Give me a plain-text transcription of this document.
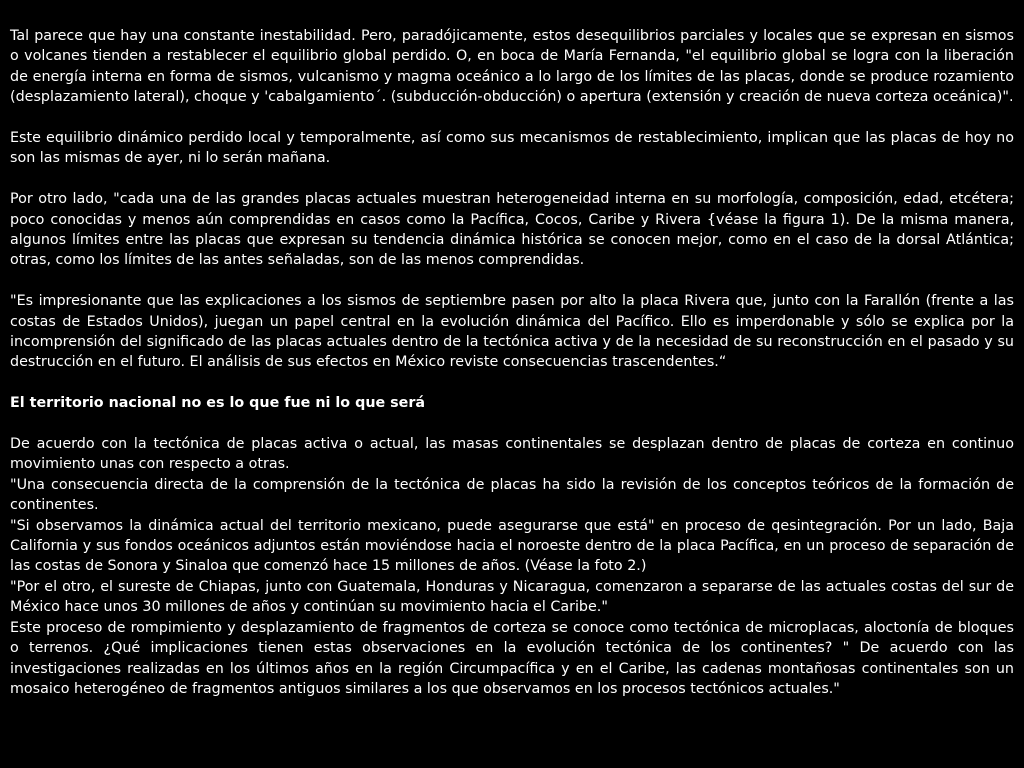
Tal parece que hay una constante inestabilidad. Pero, paradójicamente, estos desequilibrios parciales y locales que se expresan en sismos o volcanes tienden a restablecer el equilibrio global perdido. O, en boca de María Fernanda, "el equilibrio global se logra con la liberación de energía interna en forma de sismos, vulcanismo y magma oceánico a lo largo de los límites de las placas, donde se produce rozamiento (desplazamiento lateral), choque y 'cabalgamiento´. (subducción-obducción) o apertura (extensión y creación de nueva corteza oceánica)".

Este equilibrio dinámico perdido local y temporalmente, así como sus mecanismos de restablecimiento, implican que las placas de hoy no son las mismas de ayer, ni lo serán mañana.

Por otro lado, "cada una de las grandes placas actuales muestran heterogeneidad interna en su morfología, composición, edad, etcétera; poco conocidas y menos aún comprendidas en casos como la Pacífica, Cocos, Caribe y Rivera {véase la figura 1). De la misma manera, algunos límites entre las placas que expresan su tendencia dinámica histórica se conocen mejor, como en el caso de la dorsal Atlántica; otras, como los límites de las antes señaladas, son de las menos comprendidas.

"Es impresionante que las explicaciones a los sismos de septiembre pasen por alto la placa Rivera que, junto con la Farallón (frente a las costas de Estados Unidos), juegan un papel central en la evolución dinámica del Pacífico. Ello es imperdonable y sólo se explica por la incomprensión del significado de las placas actuales dentro de la tectónica activa y de la necesidad de su reconstrucción en el pasado y su destrucción en el futuro. El análisis de sus efectos en México reviste consecuencias trascendentes.“

El territorio nacional no es lo que fue ni lo que será

De acuerdo con la tectónica de placas activa o actual, las masas continentales se desplazan dentro de placas de corteza en continuo movimiento unas con respecto a otras.

"Una consecuencia directa de la comprensión de la tectónica de placas ha sido la revisión de los conceptos teóricos de la formación de continentes.

"Si observamos la dinámica actual del territorio mexicano, puede asegurarse que está" en proceso de qesintegración. Por un lado, Baja California y sus fondos oceánicos adjuntos están moviéndose hacia el noroeste dentro de la placa Pacífica, en un proceso de separación de las costas de Sonora y Sinaloa que comenzó hace 15 millones de años. (Véase la foto 2.)

"Por el otro, el sureste de Chiapas, junto con Guatemala, Honduras y Nicaragua, comenzaron a separarse de las actuales costas del sur de México hace unos 30 millones de años y continúan su movimiento hacia el Caribe."

Este proceso de rompimiento y desplazamiento de fragmentos de corteza se conoce como tectónica de microplacas, aloctonía de bloques o terrenos. ¿Qué implicaciones tienen estas observaciones en la evolución tectónica de los continentes? " De acuerdo con las investigaciones realizadas en los últimos años en la región Circumpacífica y en el Caribe, las cadenas montañosas continentales son un mosaico heterogéneo de fragmentos antiguos similares a los que observamos en los procesos tectónicos actuales."
